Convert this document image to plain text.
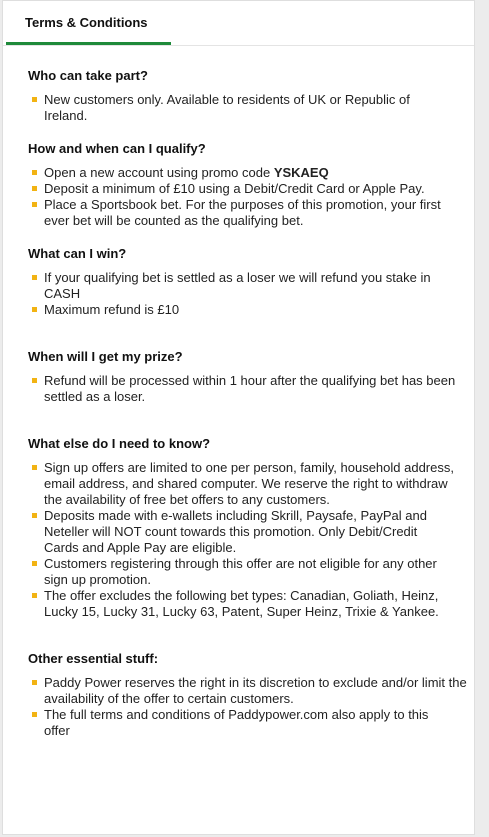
Terms & Conditions
Who can take part?
New customers only. Available to residents of UK or Republic of Ireland.
How and when can I qualify?
Open a new account using promo code YSKAEQ
Deposit a minimum of £10 using a Debit/Credit Card or Apple Pay.
Place a Sportsbook bet. For the purposes of this promotion, your first ever bet will be counted as the qualifying bet.
What can I win?
If your qualifying bet is settled as a loser we will refund you stake in CASH
Maximum refund is £10
When will I get my prize?
Refund will be processed within 1 hour after the qualifying bet has been settled as a loser.
What else do I need to know?
Sign up offers are limited to one per person, family, household address, email address, and shared computer. We reserve the right to withdraw the availability of free bet offers to any customers.
Deposits made with e-wallets including Skrill, Paysafe, PayPal and Neteller will NOT count towards this promotion. Only Debit/Credit Cards and Apple Pay are eligible.
Customers registering through this offer are not eligible for any other sign up promotion.
The offer excludes the following bet types: Canadian, Goliath, Heinz, Lucky 15, Lucky 31, Lucky 63, Patent, Super Heinz, Trixie & Yankee.
Other essential stuff:
Paddy Power reserves the right in its discretion to exclude and/or limit the availability of the offer to certain customers.
The full terms and conditions of Paddypower.com also apply to this offer
